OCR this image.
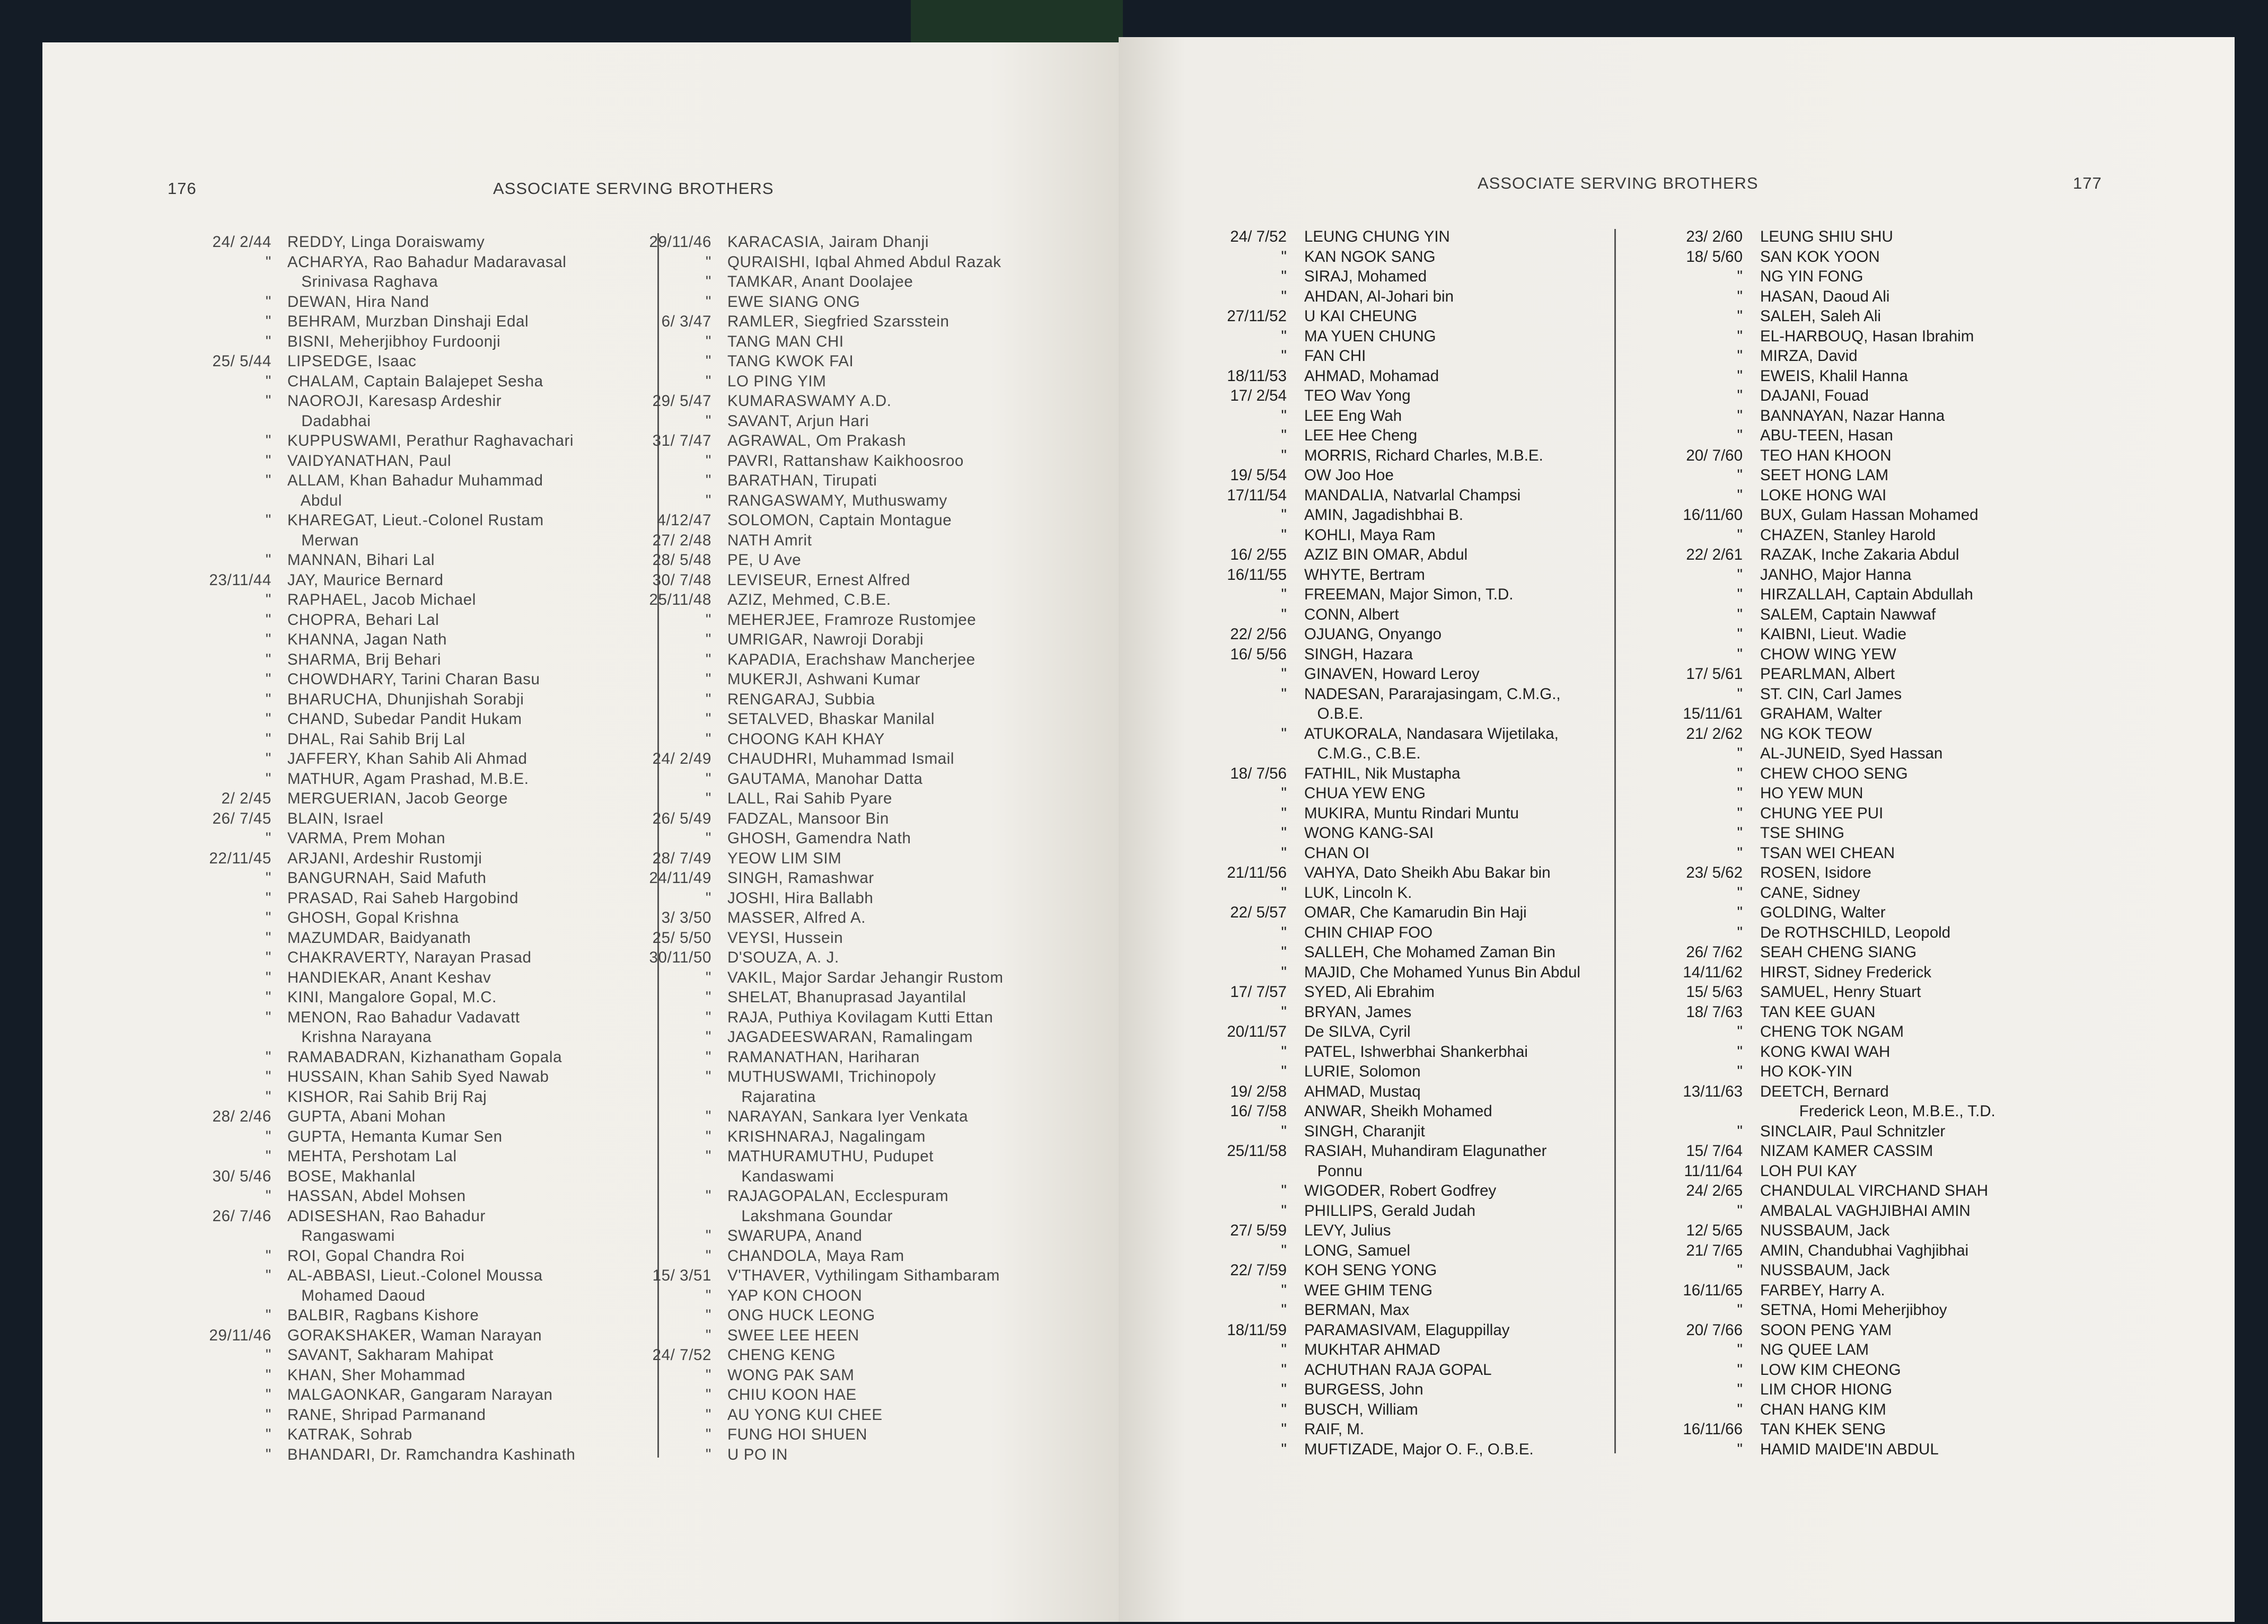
176	ASSOCIATE SERVING BROTHERS
24/ 2/44 REDDY, Linga Doraiswamy
" ACHARYA, Rao Bahadur Madaravasal
Srinivasa Raghava
" DEWAN, Hira Nand
" BEHRAM, Murzban Dinshaji Edal
" BISNI, Meherjibhoy Furdoonji
25/ 5/44 LIPSEDGE, Isaac
" CHALAM, Captain Balajepet Sesha
" NAOROJI, Karesasp Ardeshir
Dadabhai
" KUPPUSWAMI, Perathur Raghavachari
" VAIDYANATHAN, Paul
" ALLAM, Khan Bahadur Muhammad
Abdul
" KHAREGAT, Lieut.-Colonel Rustam
Merwan
" MANNAN, Bihari Lal
23/11/44 JAY, Maurice Bernard
" RAPHAEL, Jacob Michael
" CHOPRA, Behari Lal
" KHANNA, Jagan Nath
" SHARMA, Brij Behari
" CHOWDHARY, Tarini Charan Basu
" BHARUCHA, Dhunjishah Sorabji
" CHAND, Subedar Pandit Hukam
" DHAL, Rai Sahib Brij Lal
" JAFFERY, Khan Sahib Ali Ahmad
" MATHUR, Agam Prashad, M.B.E.
2/ 2/45 MERGUERIAN, Jacob George
26/ 7/45 BLAIN, Israel
" VARMA, Prem Mohan
22/11/45 ARJANI, Ardeshir Rustomji
" BANGURNAH, Said Mafuth
" PRASAD, Rai Saheb Hargobind
" GHOSH, Gopal Krishna
" MAZUMDAR, Baidyanath
" CHAKRAVERTY, Narayan Prasad
" HANDIEKAR, Anant Keshav
" KINI, Mangalore Gopal, M.C.
" MENON, Rao Bahadur Vadavatt
Krishna Narayana
" RAMABADRAN, Kizhanatham Gopala
" HUSSAIN, Khan Sahib Syed Nawab
" KISHOR, Rai Sahib Brij Raj
28/ 2/46 GUPTA, Abani Mohan
" GUPTA, Hemanta Kumar Sen
" MEHTA, Pershotam Lal
30/ 5/46 BOSE, Makhanlal
" HASSAN, Abdel Mohsen
26/ 7/46 ADISESHAN, Rao Bahadur
Rangaswami
" ROI, Gopal Chandra Roi
" AL-ABBASI, Lieut.-Colonel Moussa
Mohamed Daoud
" BALBIR, Ragbans Kishore
29/11/46 GORAKSHAKER, Waman Narayan
" SAVANT, Sakharam Mahipat
" KHAN, Sher Mohammad
" MALGAONKAR, Gangaram Narayan
" RANE, Shripad Parmanand
" KATRAK, Sohrab
" BHANDARI, Dr. Ramchandra Kashinath
29/11/46 KARACASIA, Jairam Dhanji
" QURAISHI, Iqbal Ahmed Abdul Razak
" TAMKAR, Anant Doolajee
" EWE SIANG ONG
6/ 3/47 RAMLER, Siegfried Szarsstein
" TANG MAN CHI
" TANG KWOK FAI
" LO PING YIM
29/ 5/47 KUMARASWAMY A.D.
" SAVANT, Arjun Hari
31/ 7/47 AGRAWAL, Om Prakash
" PAVRI, Rattanshaw Kaikhoosroo
" BARATHAN, Tirupati
" RANGASWAMY, Muthuswamy
4/12/47 SOLOMON, Captain Montague
27/ 2/48 NATH Amrit
28/ 5/48 PE, U Ave
30/ 7/48 LEVISEUR, Ernest Alfred
25/11/48 AZIZ, Mehmed, C.B.E.
" MEHERJEE, Framroze Rustomjee
" UMRIGAR, Nawroji Dorabji
" KAPADIA, Erachshaw Mancherjee
" MUKERJI, Ashwani Kumar
" RENGARAJ, Subbia
" SETALVED, Bhaskar Manilal
" CHOONG KAH KHAY
24/ 2/49 CHAUDHRI, Muhammad Ismail
" GAUTAMA, Manohar Datta
" LALL, Rai Sahib Pyare
26/ 5/49 FADZAL, Mansoor Bin
" GHOSH, Gamendra Nath
28/ 7/49 YEOW LIM SIM
24/11/49 SINGH, Ramashwar
" JOSHI, Hira Ballabh
3/ 3/50 MASSER, Alfred A.
25/ 5/50 VEYSI, Hussein
30/11/50 D'SOUZA, A. J.
" VAKIL, Major Sardar Jehangir Rustom
" SHELAT, Bhanuprasad Jayantilal
" RAJA, Puthiya Kovilagam Kutti Ettan
" JAGADEESWARAN, Ramalingam
" RAMANATHAN, Hariharan
" MUTHUSWAMI, Trichinopoly
Rajaratina
" NARAYAN, Sankara Iyer Venkata
" KRISHNARAJ, Nagalingam
" MATHURAMUTHU, Pudupet
Kandaswami
" RAJAGOPALAN, Ecclespuram
Lakshmana Goundar
" SWARUPA, Anand
" CHANDOLA, Maya Ram
15/ 3/51 V'THAVER, Vythilingam Sithambaram
" YAP KON CHOON
" ONG HUCK LEONG
" SWEE LEE HEEN
24/ 7/52 CHENG KENG
" WONG PAK SAM
" CHIU KOON HAE
" AU YONG KUI CHEE
" FUNG HOI SHUEN
" U PO IN
ASSOCIATE SERVING BROTHERS	177
24/ 7/52 LEUNG CHUNG YIN
" KAN NGOK SANG
" SIRAJ, Mohamed
" AHDAN, Al-Johari bin
27/11/52 U KAI CHEUNG
" MA YUEN CHUNG
" FAN CHI
18/11/53 AHMAD, Mohamad
17/ 2/54 TEO Wav Yong
" LEE Eng Wah
" LEE Hee Cheng
" MORRIS, Richard Charles, M.B.E.
19/ 5/54 OW Joo Hoe
17/11/54 MANDALIA, Natvarlal Champsi
" AMIN, Jagadishbhai B.
" KOHLI, Maya Ram
16/ 2/55 AZIZ BIN OMAR, Abdul
16/11/55 WHYTE, Bertram
" FREEMAN, Major Simon, T.D.
" CONN, Albert
22/ 2/56 OJUANG, Onyango
16/ 5/56 SINGH, Hazara
" GINAVEN, Howard Leroy
" NADESAN, Pararajasingam, C.M.G.,
O.B.E.
" ATUKORALA, Nandasara Wijetilaka,
C.M.G., C.B.E.
18/ 7/56 FATHIL, Nik Mustapha
" CHUA YEW ENG
" MUKIRA, Muntu Rindari Muntu
" WONG KANG-SAI
" CHAN OI
21/11/56 VAHYA, Dato Sheikh Abu Bakar bin
" LUK, Lincoln K.
22/ 5/57 OMAR, Che Kamarudin Bin Haji
" CHIN CHIAP FOO
" SALLEH, Che Mohamed Zaman Bin
" MAJID, Che Mohamed Yunus Bin Abdul
17/ 7/57 SYED, Ali Ebrahim
" BRYAN, James
20/11/57 De SILVA, Cyril
" PATEL, Ishwerbhai Shankerbhai
" LURIE, Solomon
19/ 2/58 AHMAD, Mustaq
16/ 7/58 ANWAR, Sheikh Mohamed
" SINGH, Charanjit
25/11/58 RASIAH, Muhandiram Elagunather
Ponnu
" WIGODER, Robert Godfrey
" PHILLIPS, Gerald Judah
27/ 5/59 LEVY, Julius
" LONG, Samuel
22/ 7/59 KOH SENG YONG
" WEE GHIM TENG
" BERMAN, Max
18/11/59 PARAMASIVAM, Elaguppillay
" MUKHTAR AHMAD
" ACHUTHAN RAJA GOPAL
" BURGESS, John
" BUSCH, William
" RAIF, M.
" MUFTIZADE, Major O. F., O.B.E.
23/ 2/60 LEUNG SHIU SHU
18/ 5/60 SAN KOK YOON
" NG YIN FONG
" HASAN, Daoud Ali
" SALEH, Saleh Ali
" EL-HARBOUQ, Hasan Ibrahim
" MIRZA, David
" EWEIS, Khalil Hanna
" DAJANI, Fouad
" BANNAYAN, Nazar Hanna
" ABU-TEEN, Hasan
20/ 7/60 TEO HAN KHOON
" SEET HONG LAM
" LOKE HONG WAI
16/11/60 BUX, Gulam Hassan Mohamed
" CHAZEN, Stanley Harold
22/ 2/61 RAZAK, Inche Zakaria Abdul
" JANHO, Major Hanna
" HIRZALLAH, Captain Abdullah
" SALEM, Captain Nawwaf
" KAIBNI, Lieut. Wadie
" CHOW WING YEW
17/ 5/61 PEARLMAN, Albert
" ST. CIN, Carl James
15/11/61 GRAHAM, Walter
21/ 2/62 NG KOK TEOW
" AL-JUNEID, Syed Hassan
" CHEW CHOO SENG
" HO YEW MUN
" CHUNG YEE PUI
" TSE SHING
" TSAN WEI CHEAN
23/ 5/62 ROSEN, Isidore
" CANE, Sidney
" GOLDING, Walter
" De ROTHSCHILD, Leopold
26/ 7/62 SEAH CHENG SIANG
14/11/62 HIRST, Sidney Frederick
15/ 5/63 SAMUEL, Henry Stuart
18/ 7/63 TAN KEE GUAN
" CHENG TOK NGAM
" KONG KWAI WAH
" HO KOK-YIN
13/11/63 DEETCH, Bernard
Frederick Leon, M.B.E., T.D.
" SINCLAIR, Paul Schnitzler
15/ 7/64 NIZAM KAMER CASSIM
11/11/64 LOH PUI KAY
24/ 2/65 CHANDULAL VIRCHAND SHAH
" AMBALAL VAGHJIBHAI AMIN
12/ 5/65 NUSSBAUM, Jack
21/ 7/65 AMIN, Chandubhai Vaghjibhai
" NUSSBAUM, Jack
16/11/65 FARBEY, Harry A.
" SETNA, Homi Meherjibhoy
20/ 7/66 SOON PENG YAM
" NG QUEE LAM
" LOW KIM CHEONG
" LIM CHOR HIONG
" CHAN HANG KIM
16/11/66 TAN KHEK SENG
" HAMID MAIDE'IN ABDUL
